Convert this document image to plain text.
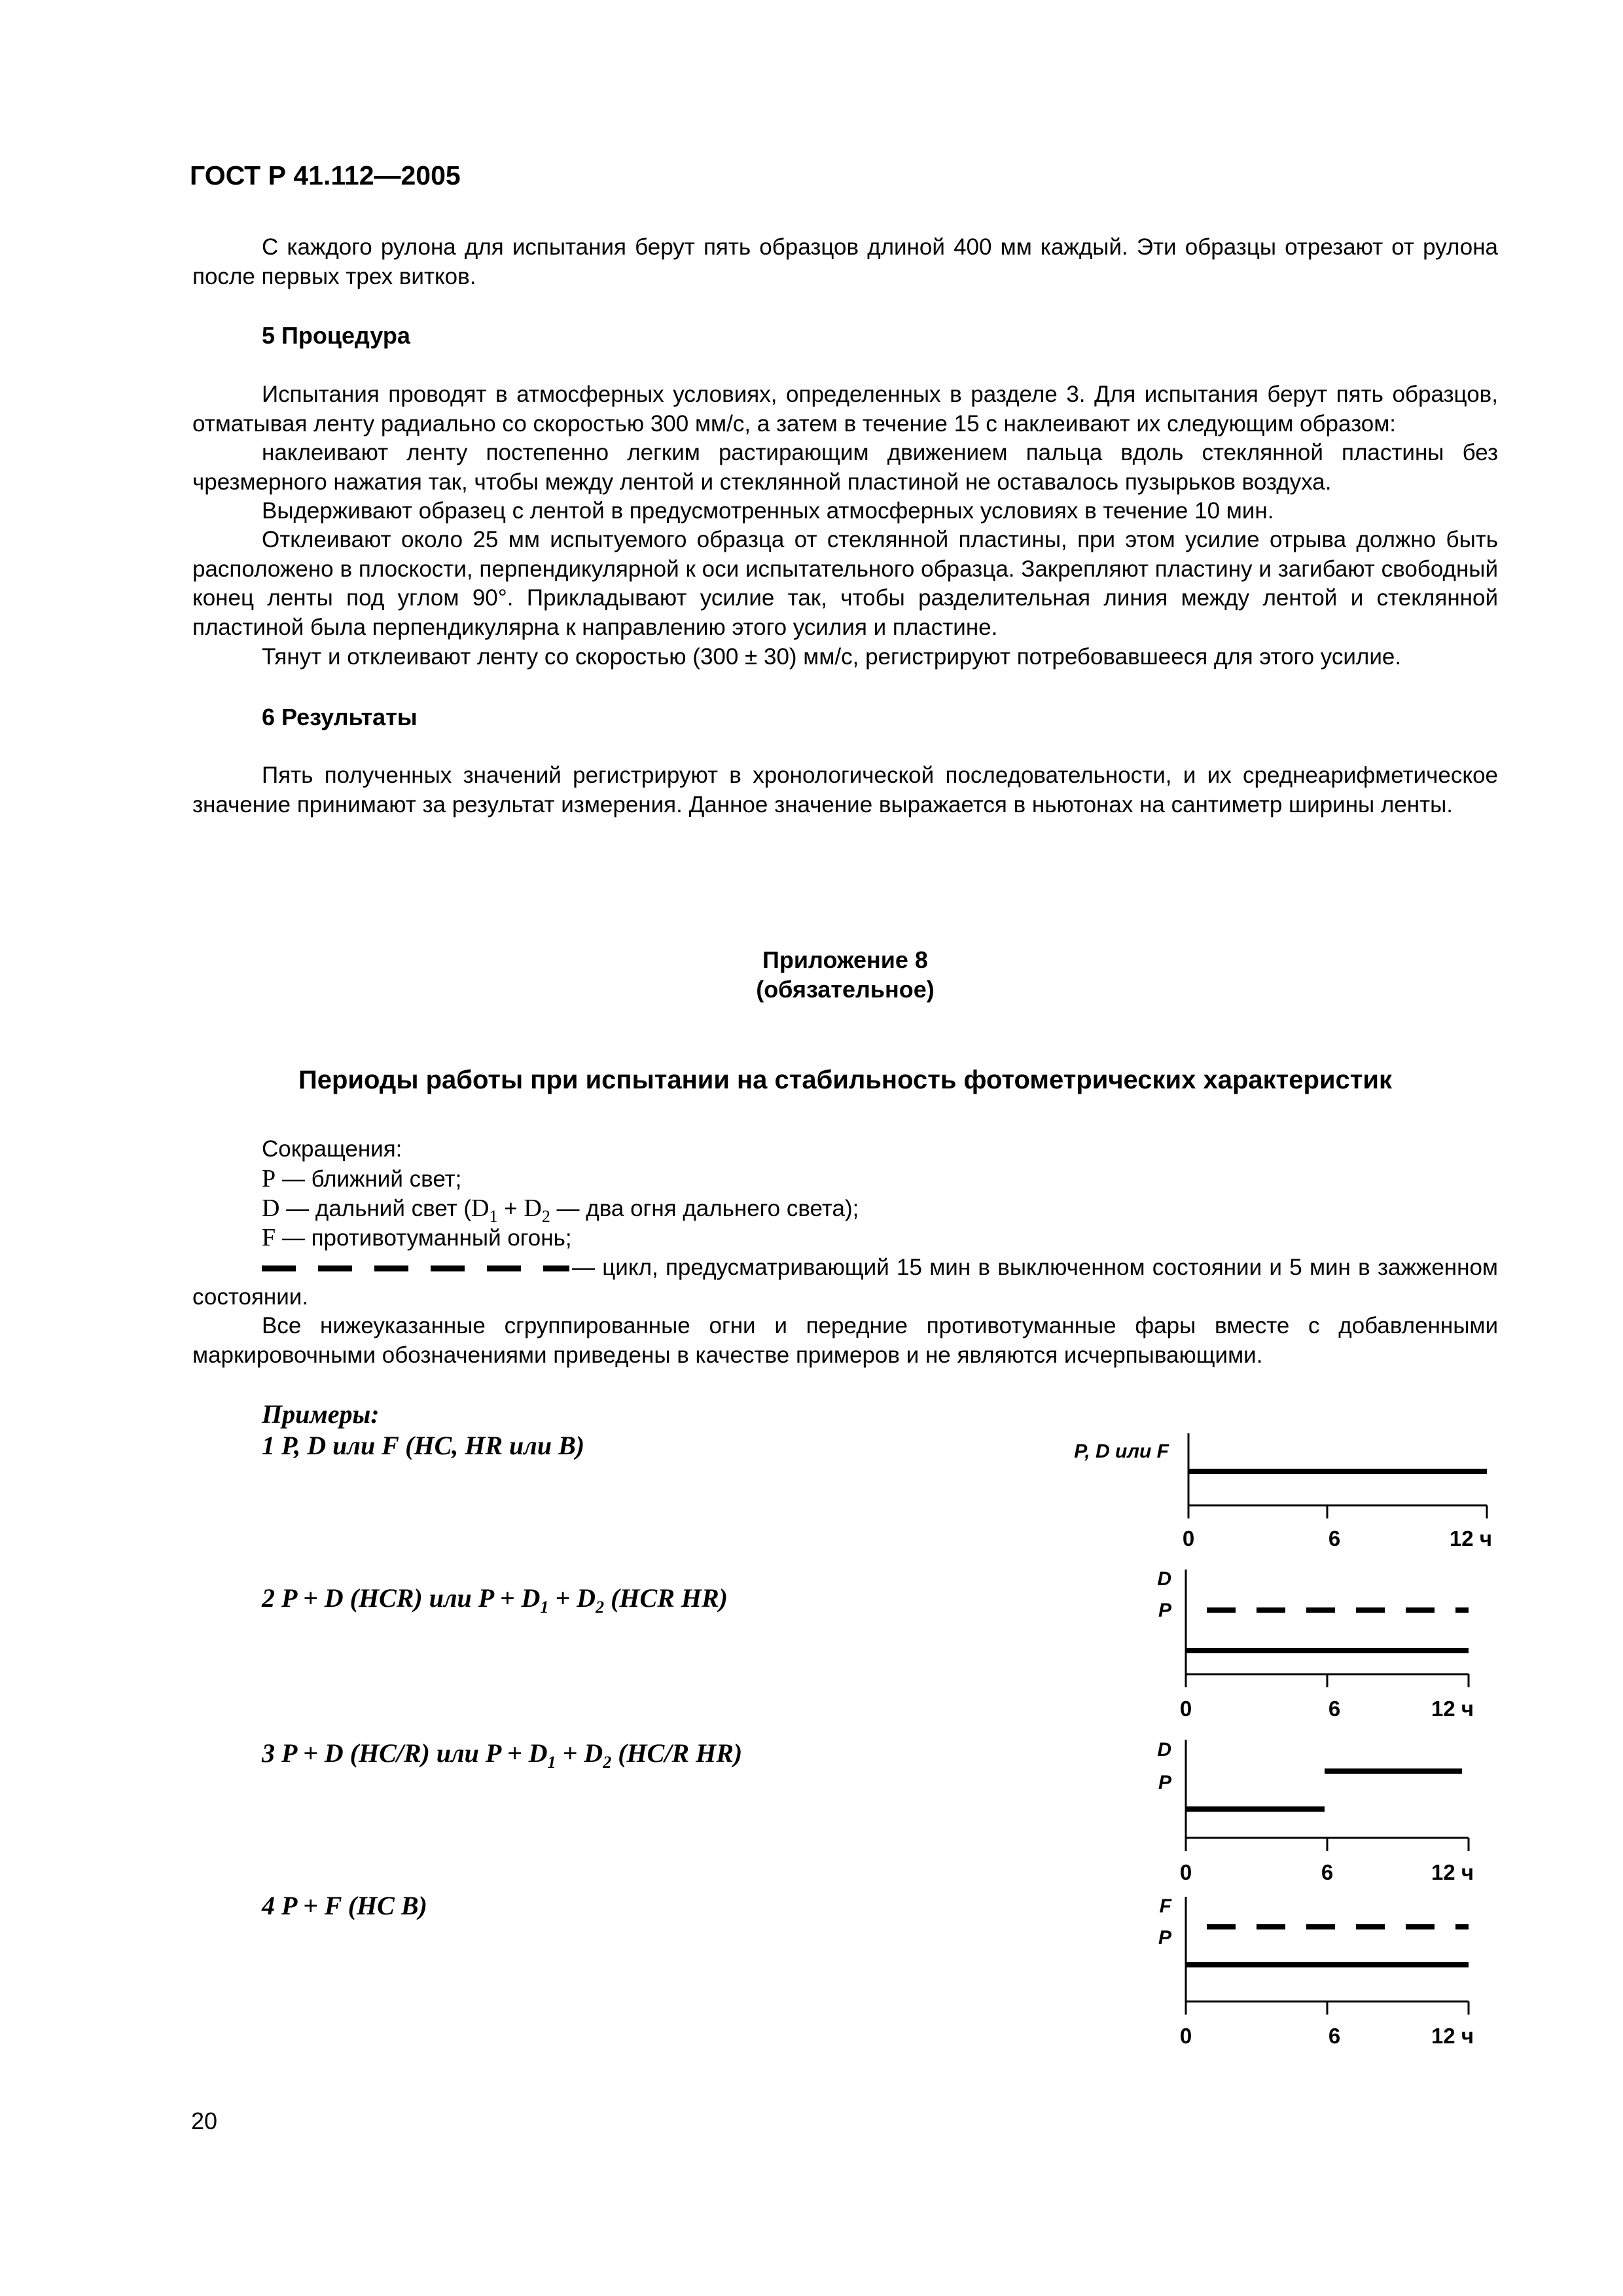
ГОСТ Р 41.112—2005
С каждого рулона для испытания берут пять образцов длиной 400 мм каждый. Эти образцы отрезают от рулона после первых трех витков.
5 Процедура
Испытания проводят в атмосферных условиях, определенных в разделе 3. Для испытания берут пять образцов, отматывая ленту радиально со скоростью 300 мм/с, а затем в течение 15 с наклеивают их следующим образом:
наклеивают ленту постепенно легким растирающим движением пальца вдоль стеклянной пластины без чрезмерного нажатия так, чтобы между лентой и стеклянной пластиной не оставалось пузырьков воздуха.
Выдерживают образец с лентой в предусмотренных атмосферных условиях в течение 10 мин.
Отклеивают около 25 мм испытуемого образца от стеклянной пластины, при этом усилие отрыва должно быть расположено в плоскости, перпендикулярной к оси испытательного образца. Закрепляют пластину и загибают свободный конец ленты под углом 90°. Прикладывают усилие так, чтобы разделительная линия между лентой и стеклянной пластиной была перпендикулярна к направлению этого усилия и пластине.
Тянут и отклеивают ленту со скоростью (300 ± 30) мм/с, регистрируют потребовавшееся для этого усилие.
6 Результаты
Пять полученных значений регистрируют в хронологической последовательности, и их среднеарифметическое значение принимают за результат измерения. Данное значение выражается в ньютонах на сантиметр ширины ленты.
Приложение 8
(обязательное)
Периоды работы при испытании на стабильность фотометрических характеристик
Сокращения:
P — ближний свет;
D — дальний свет ($D_1 + D_2$ — два огня дальнего света);
F — противотуманный огонь;
— цикл, предусматривающий 15 мин в выключенном состоянии и 5 мин в зажженном состоянии.
Все нижеуказанные сгруппированные огни и передние противотуманные фары вместе с добавленными маркировочными обозначениями приведены в качестве примеров и не являются исчерпывающими.
Примеры:
1 P, D или F (HC, HR или B)
2 P + D (HCR) или $P + D_1 + D_2$ (HCR HR)
3 P + D (HC/R) или $P + D_1 + D_2$ (HC/R HR)
4 P + F (HC B)
P, D или F
0	6	12 ч
D
P
0	6	12 ч
D
P
0	6	12 ч
F
P
0	6	12 ч
20
